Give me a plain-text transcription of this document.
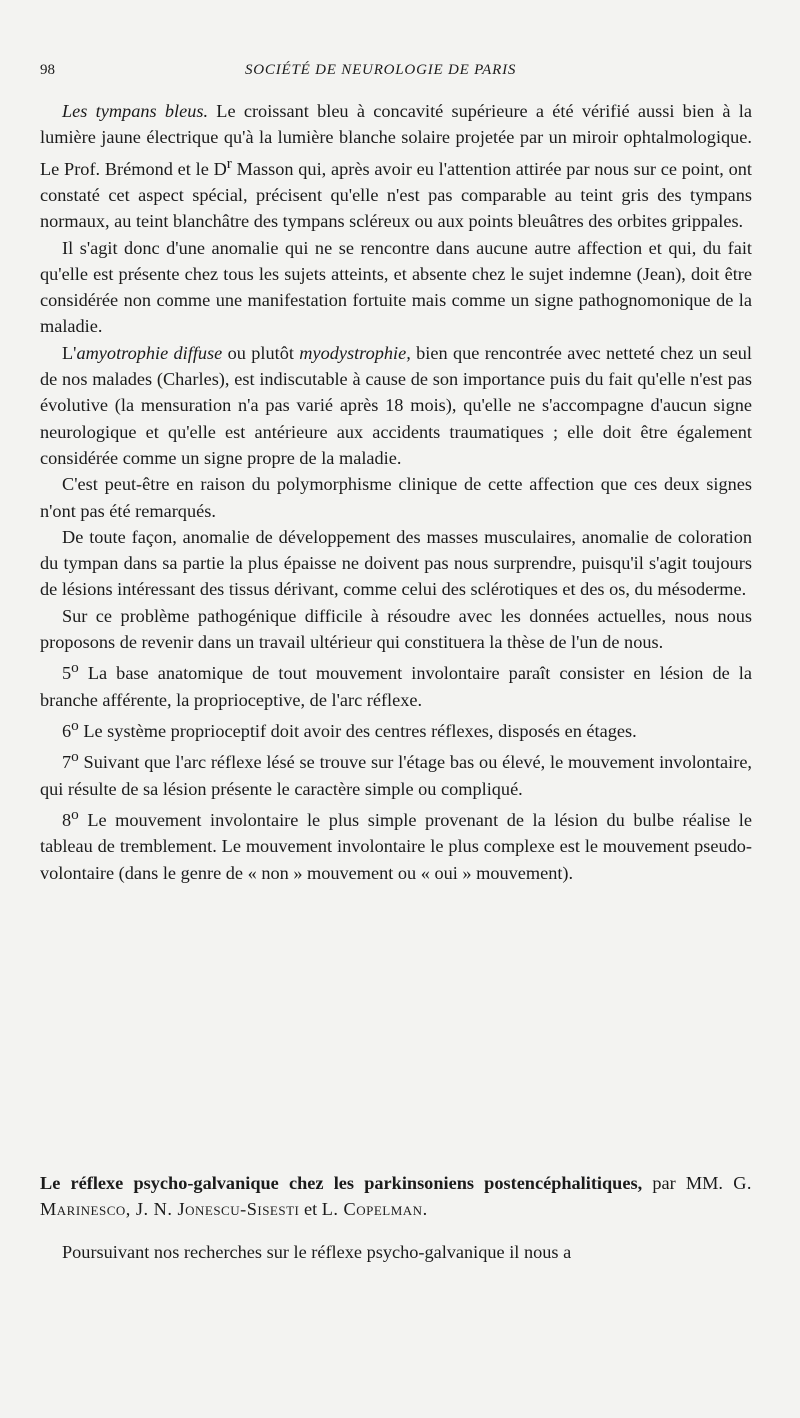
98	SOCIÉTÉ DE NEUROLOGIE DE PARIS

Les tympans bleus. Le croissant bleu à concavité supérieure a été vérifié aussi bien à la lumière jaune électrique qu'à la lumière blanche solaire projetée par un miroir ophtalmologique. Le Prof. Brémond et le $D^r$ Masson qui, après avoir eu l'attention attirée par nous sur ce point, ont constaté cet aspect spécial, précisent qu'elle n'est pas comparable au teint gris des tympans normaux, au teint blanchâtre des tympans scléreux ou aux points bleuâtres des orbites grippales.

Il s'agit donc d'une anomalie qui ne se rencontre dans aucune autre affection et qui, du fait qu'elle est présente chez tous les sujets atteints, et absente chez le sujet indemne (Jean), doit être considérée non comme une manifestation fortuite mais comme un signe pathognomonique de la maladie.

L'amyotrophie diffuse ou plutôt myodystrophie, bien que rencontrée avec netteté chez un seul de nos malades (Charles), est indiscutable à cause de son importance puis du fait qu'elle n'est pas évolutive (la mensuration n'a pas varié après 18 mois), qu'elle ne s'accompagne d'aucun signe neurologique et qu'elle est antérieure aux accidents traumatiques ; elle doit être également considérée comme un signe propre de la maladie.

C'est peut-être en raison du polymorphisme clinique de cette affection que ces deux signes n'ont pas été remarqués.

De toute façon, anomalie de développement des masses musculaires, anomalie de coloration du tympan dans sa partie la plus épaisse ne doivent pas nous surprendre, puisqu'il s'agit toujours de lésions intéressant des tissus dérivant, comme celui des sclérotiques et des os, du mésoderme.

Sur ce problème pathogénique difficile à résoudre avec les données actuelles, nous nous proposons de revenir dans un travail ultérieur qui constituera la thèse de l'un de nous.

5$^o$ La base anatomique de tout mouvement involontaire paraît consister en lésion de la branche afférente, la proprioceptive, de l'arc réflexe.

6$^o$ Le système proprioceptif doit avoir des centres réflexes, disposés en étages.

7$^o$ Suivant que l'arc réflexe lésé se trouve sur l'étage bas ou élevé, le mouvement involontaire, qui résulte de sa lésion présente le caractère simple ou compliqué.

8$^o$ Le mouvement involontaire le plus simple provenant de la lésion du bulbe réalise le tableau de tremblement. Le mouvement involontaire le plus complexe est le mouvement pseudo-volontaire (dans le genre de « non » mouvement ou « oui » mouvement).

Le réflexe psycho-galvanique chez les parkinsoniens postencéphalitiques, par MM. G. Marinesco, J. N. Jonescu-Sisesti et L. Copelman.

Poursuivant nos recherches sur le réflexe psycho-galvanique il nous a
